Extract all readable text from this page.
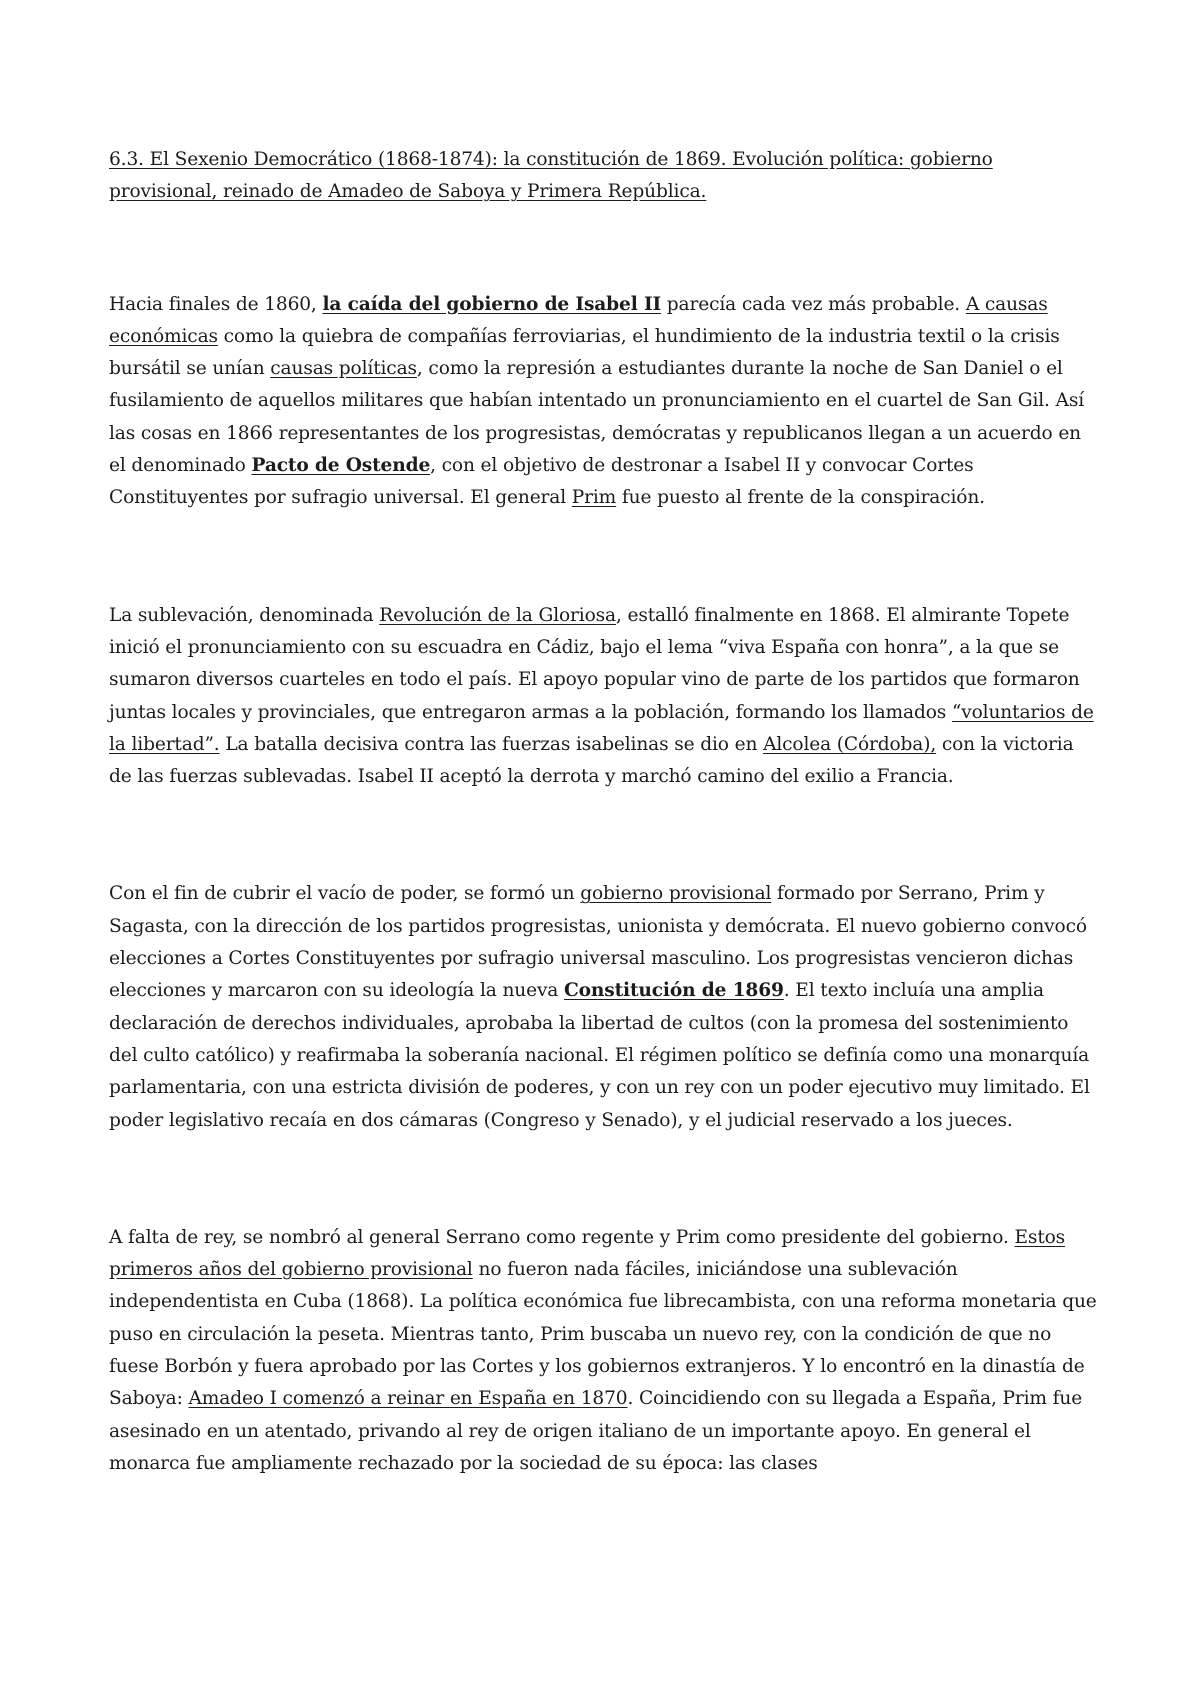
6.3. El Sexenio Democrático (1868-1874): la constitución de 1869. Evolución política: gobierno provisional, reinado de Amadeo de Saboya y Primera República.

Hacia finales de 1860, la caída del gobierno de Isabel II parecía cada vez más probable. A causas económicas como la quiebra de compañías ferroviarias, el hundimiento de la industria textil o la crisis bursátil se unían causas políticas, como la represión a estudiantes durante la noche de San Daniel o el fusilamiento de aquellos militares que habían intentado un pronunciamiento en el cuartel de San Gil. Así las cosas en 1866 representantes de los progresistas, demócratas y republicanos llegan a un acuerdo en el denominado Pacto de Ostende, con el objetivo de destronar a Isabel II y convocar Cortes Constituyentes por sufragio universal. El general Prim fue puesto al frente de la conspiración.

La sublevación, denominada Revolución de la Gloriosa, estalló finalmente en 1868. El almirante Topete inició el pronunciamiento con su escuadra en Cádiz, bajo el lema “viva España con honra”, a la que se sumaron diversos cuarteles en todo el país. El apoyo popular vino de parte de los partidos que formaron juntas locales y provinciales, que entregaron armas a la población, formando los llamados “voluntarios de la libertad”. La batalla decisiva contra las fuerzas isabelinas se dio en Alcolea (Córdoba), con la victoria de las fuerzas sublevadas. Isabel II aceptó la derrota y marchó camino del exilio a Francia.

Con el fin de cubrir el vacío de poder, se formó un gobierno provisional formado por Serrano, Prim y Sagasta, con la dirección de los partidos progresistas, unionista y demócrata. El nuevo gobierno convocó elecciones a Cortes Constituyentes por sufragio universal masculino. Los progresistas vencieron dichas elecciones y marcaron con su ideología la nueva Constitución de 1869. El texto incluía una amplia declaración de derechos individuales, aprobaba la libertad de cultos (con la promesa del sostenimiento del culto católico) y reafirmaba la soberanía nacional. El régimen político se definía como una monarquía parlamentaria, con una estricta división de poderes, y con un rey con un poder ejecutivo muy limitado. El poder legislativo recaía en dos cámaras (Congreso y Senado), y el judicial reservado a los jueces.

A falta de rey, se nombró al general Serrano como regente y Prim como presidente del gobierno. Estos primeros años del gobierno provisional no fueron nada fáciles, iniciándose una sublevación independentista en Cuba (1868). La política económica fue librecambista, con una reforma monetaria que puso en circulación la peseta. Mientras tanto, Prim buscaba un nuevo rey, con la condición de que no fuese Borbón y fuera aprobado por las Cortes y los gobiernos extranjeros. Y lo encontró en la dinastía de Saboya: Amadeo I comenzó a reinar en España en 1870. Coincidiendo con su llegada a España, Prim fue asesinado en un atentado, privando al rey de origen italiano de un importante apoyo. En general el monarca fue ampliamente rechazado por la sociedad de su época: las clases
